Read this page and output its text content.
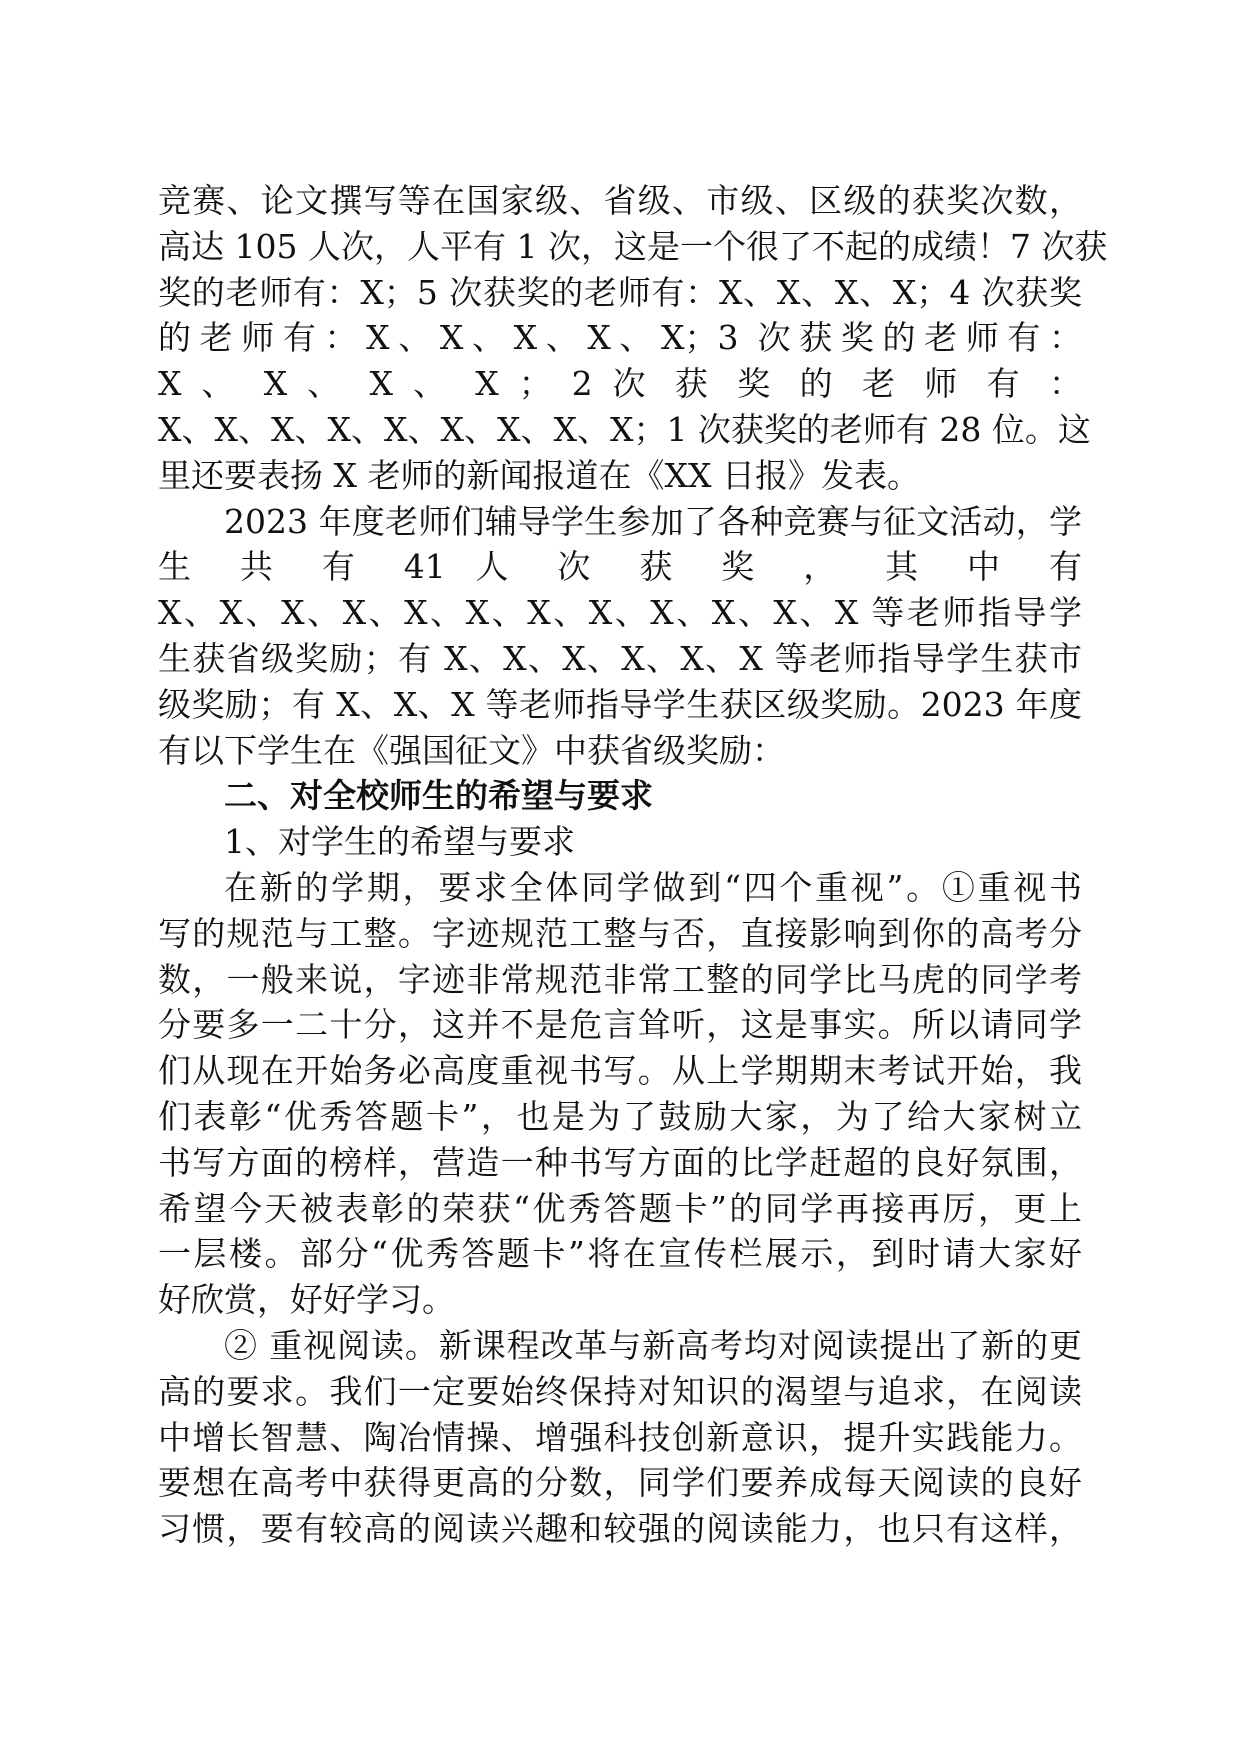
竞赛、论文撰写等在国家级、省级、市级、区级的获奖次数，
高达 105 人次，人平有 1 次，这是一个很了不起的成绩！7 次获
奖的老师有：X；5 次获奖的老师有：X、X、X、X；4 次获奖
的老师有：X、X、X、X、X；3 次获奖的老师有：
X 、 X 、 X 、 X ； 2 次 获 奖 的 老 师 有 ：
X、X、X、X、X、X、X、X、X；1 次获奖的老师有 28 位。这
里还要表扬 X 老师的新闻报道在《XX 日报》发表。
2023 年度老师们辅导学生参加了各种竞赛与征文活动，学
生 共 有 41 人 次 获 奖 ， 其 中 有
X、X、X、X、X、X、X、X、X、X、X、X 等老师指导学
生获省级奖励；有 X、X、X、X、X、X 等老师指导学生获市
级奖励；有 X、X、X 等老师指导学生获区级奖励。2023 年度
有以下学生在《强国征文》中获省级奖励：
二、对全校师生的希望与要求
1、对学生的希望与要求
在新的学期，要求全体同学做到“四个重视”。①重视书
写的规范与工整。字迹规范工整与否，直接影响到你的高考分
数，一般来说，字迹非常规范非常工整的同学比马虎的同学考
分要多一二十分，这并不是危言耸听，这是事实。所以请同学
们从现在开始务必高度重视书写。从上学期期末考试开始，我
们表彰“优秀答题卡”，也是为了鼓励大家，为了给大家树立
书写方面的榜样，营造一种书写方面的比学赶超的良好氛围，
希望今天被表彰的荣获“优秀答题卡”的同学再接再厉，更上
一层楼。部分“优秀答题卡”将在宣传栏展示，到时请大家好
好欣赏，好好学习。
② 重视阅读。新课程改革与新高考均对阅读提出了新的更
高的要求。我们一定要始终保持对知识的渴望与追求，在阅读
中增长智慧、陶冶情操、增强科技创新意识，提升实践能力。
要想在高考中获得更高的分数，同学们要养成每天阅读的良好
习惯，要有较高的阅读兴趣和较强的阅读能力，也只有这样，
